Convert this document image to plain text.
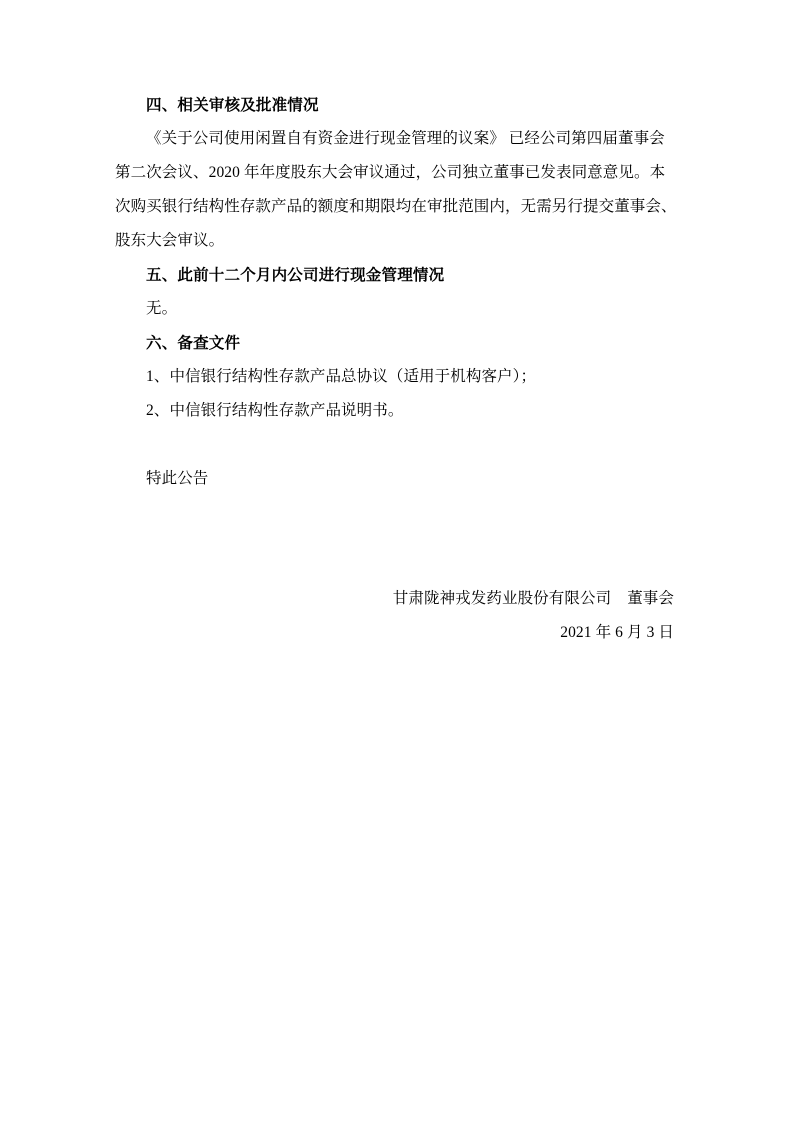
四、相关审核及批准情况

《关于公司使用闲置自有资金进行现金管理的议案》 已经公司第四届董事会第二次会议、2020 年年度股东大会审议通过，公司独立董事已发表同意意见。本次购买银行结构性存款产品的额度和期限均在审批范围内，无需另行提交董事会、股东大会审议。

五、此前十二个月内公司进行现金管理情况

无。

六、备查文件

1、中信银行结构性存款产品总协议（适用于机构客户）；

2、中信银行结构性存款产品说明书。

特此公告

甘肃陇神戎发药业股份有限公司 董事会

2021 年 6 月 3 日
